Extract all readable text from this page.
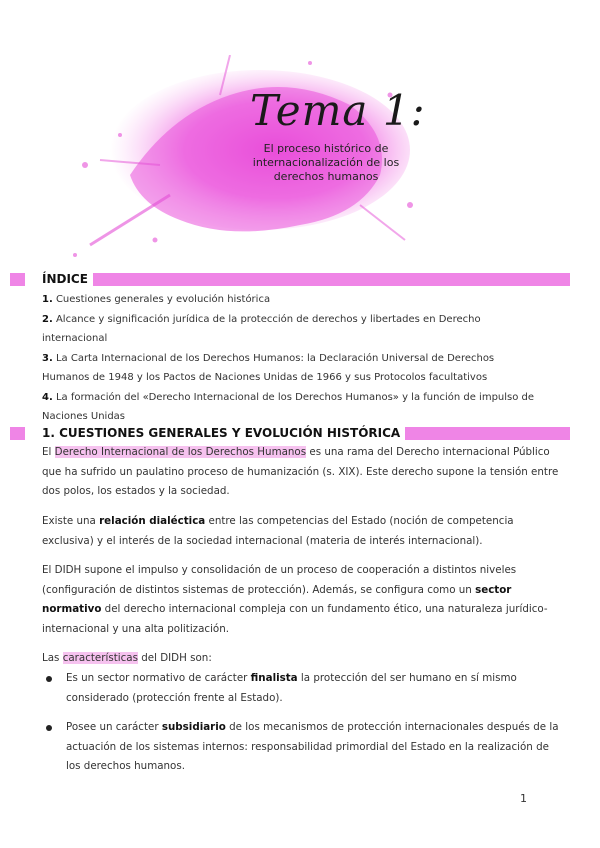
Tema 1:
El proceso histórico de internacionalización de los derechos humanos
ÍNDICE

1. Cuestiones generales y evolución histórica

2. Alcance y significación jurídica de la protección de derechos y libertades en Derecho internacional

3. La Carta Internacional de los Derechos Humanos: la Declaración Universal de Derechos Humanos de 1948 y los Pactos de Naciones Unidas de 1966 y sus Protocolos facultativos

4. La formación del «Derecho Internacional de los Derechos Humanos» y la función de impulso de Naciones Unidas

1. CUESTIONES GENERALES Y EVOLUCIÓN HISTÓRICA

El Derecho Internacional de los Derechos Humanos es una rama del Derecho internacional Público que ha sufrido un paulatino proceso de humanización (s. XIX). Este derecho supone la tensión entre dos polos, los estados y la sociedad.

Existe una relación dialéctica entre las competencias del Estado (noción de competencia exclusiva) y el interés de la sociedad internacional (materia de interés internacional).

El DIDH supone el impulso y consolidación de un proceso de cooperación a distintos niveles (configuración de distintos sistemas de protección). Además, se configura como un sector normativo del derecho internacional compleja con un fundamento ético, una naturaleza jurídico-internacional y una alta politización.

Las características del DIDH son:

Es un sector normativo de carácter finalista la protección del ser humano en sí mismo considerado (protección frente al Estado).
Posee un carácter subsidiario de los mecanismos de protección internacionales después de la actuación de los sistemas internos: responsabilidad primordial del Estado en la realización de los derechos humanos.
1
